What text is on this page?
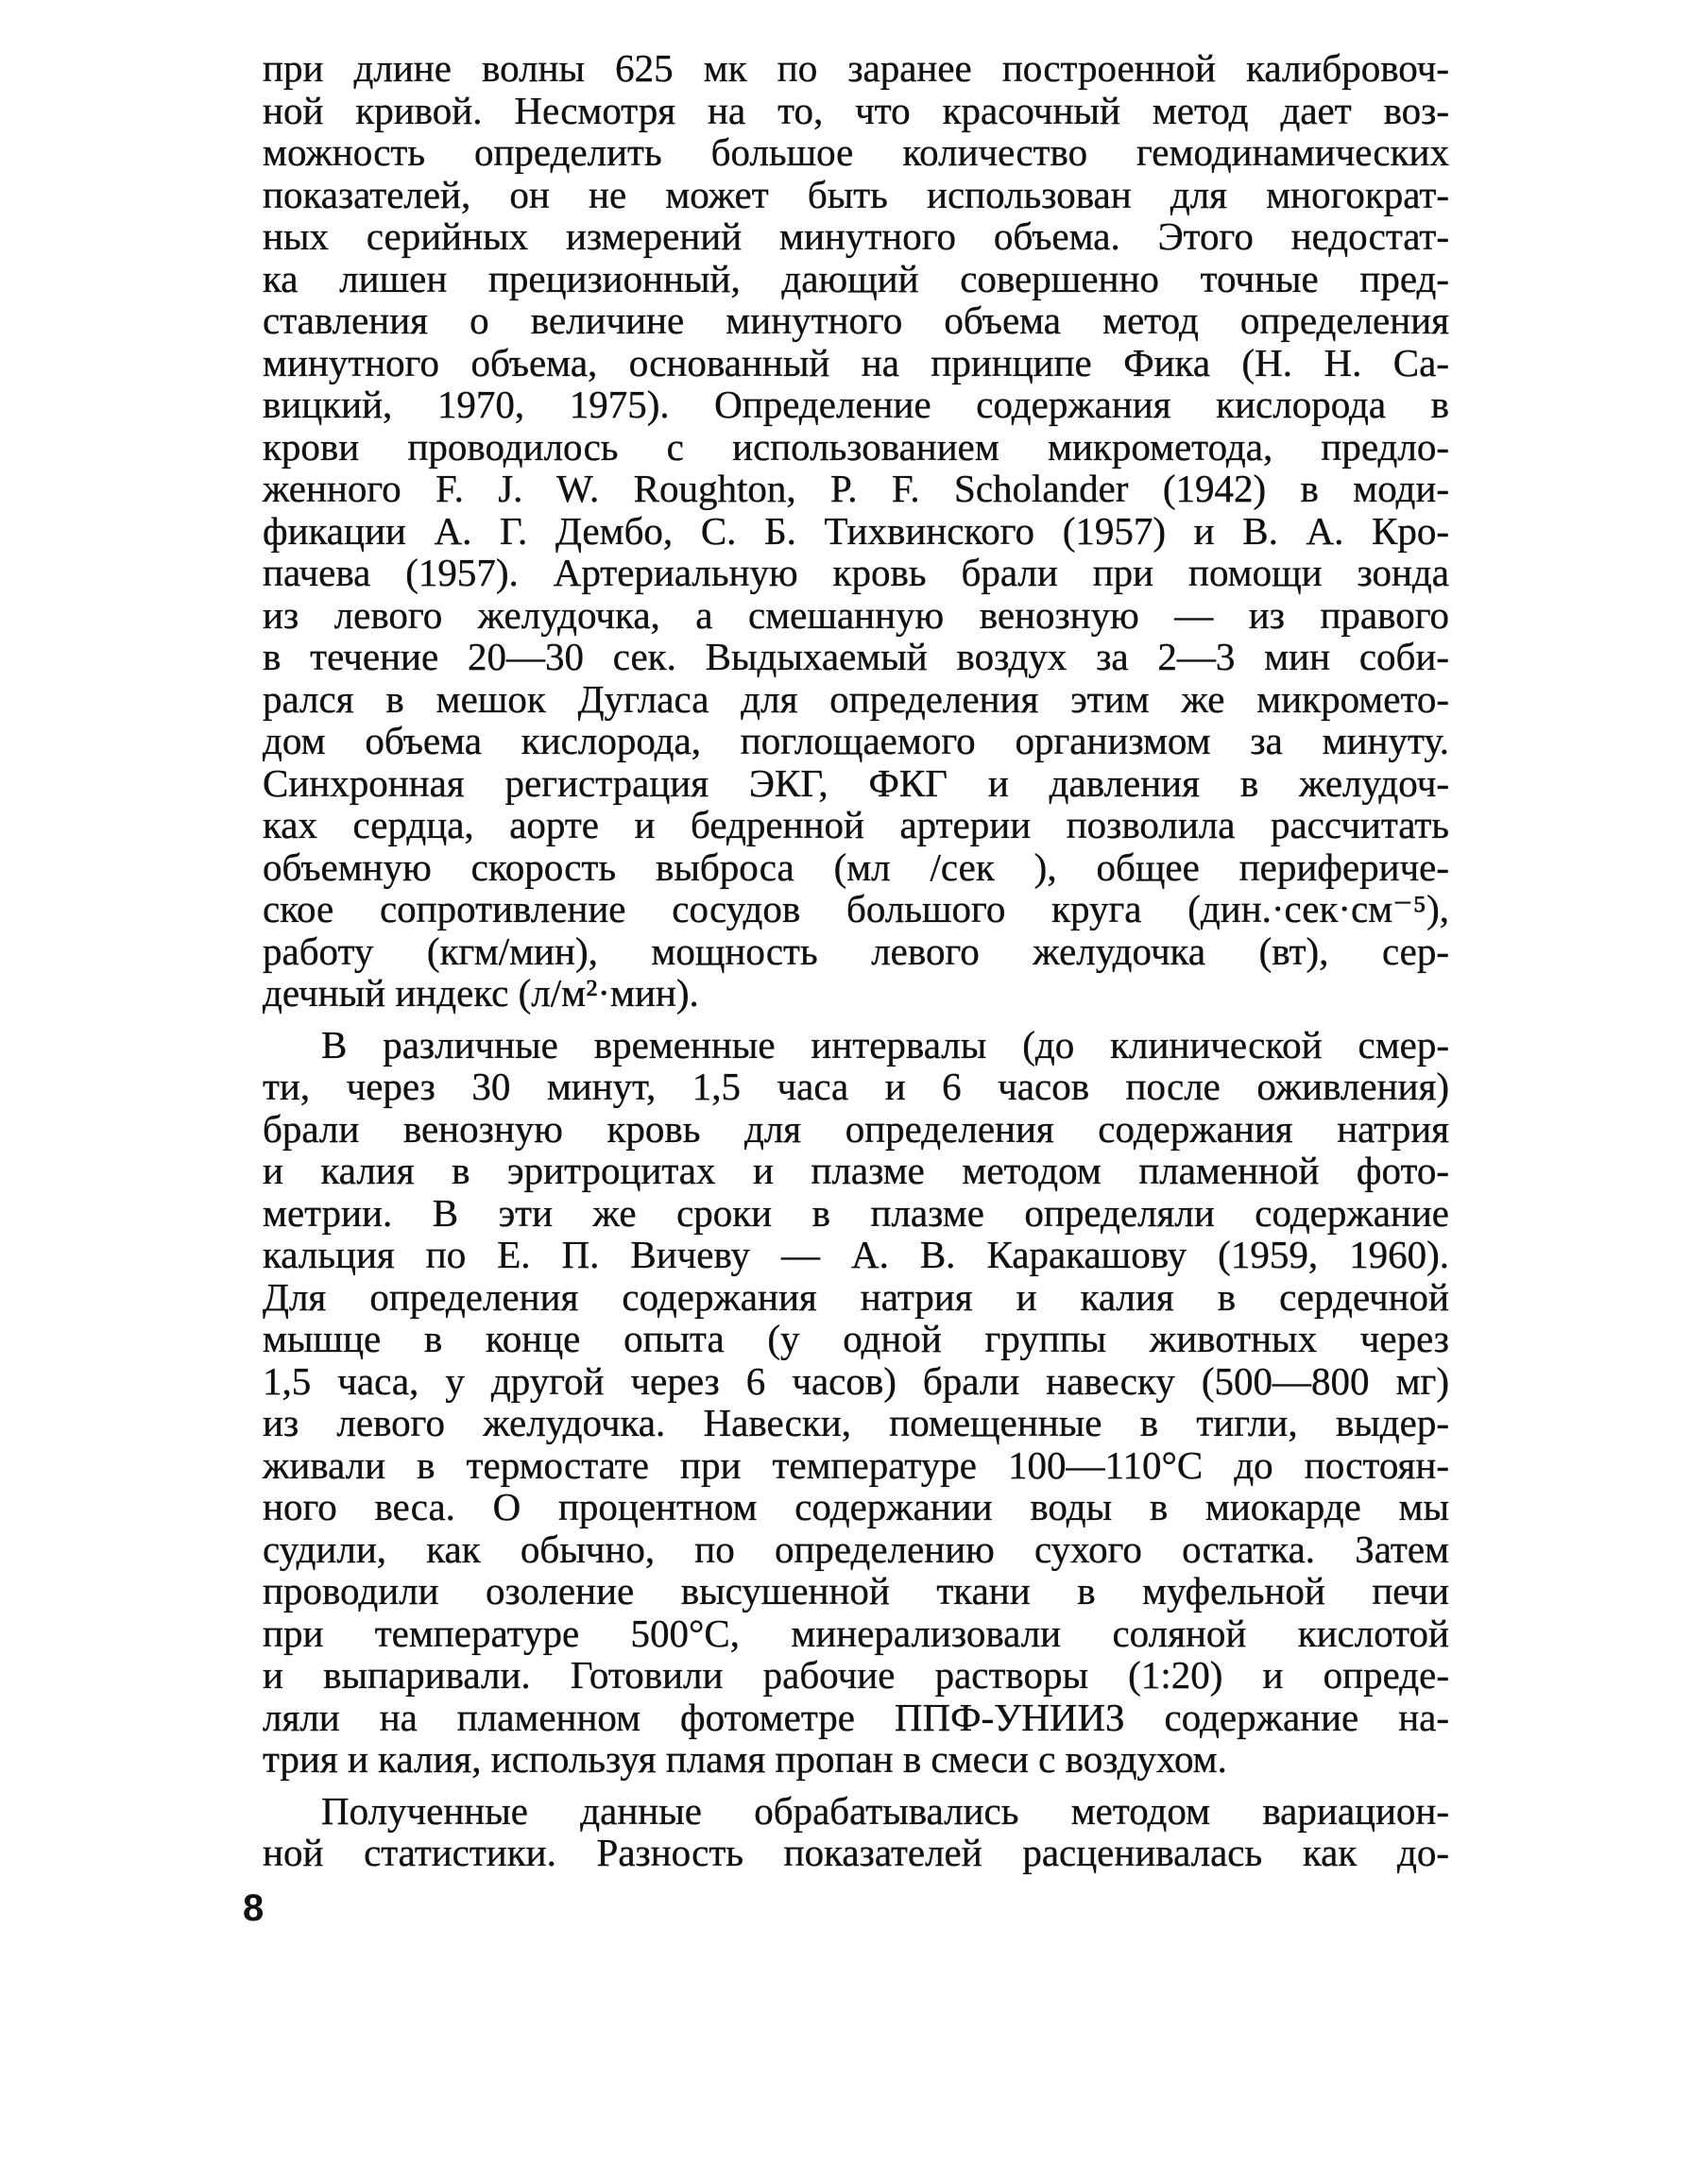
при длине волны 625 мк по заранее построенной калибровоч-
ной кривой. Несмотря на то, что красочный метод дает воз-
можность определить большое количество гемодинамических
показателей, он не может быть использован для многократ-
ных серийных измерений минутного объема. Этого недостат-
ка лишен прецизионный, дающий совершенно точные пред-
ставления о величине минутного объема метод определения
минутного объема, основанный на принципе Фика (Н. Н. Са-
вицкий, 1970, 1975). Определение содержания кислорода в
крови проводилось с использованием микрометода, предло-
женного F. J. W. Roughton, P. F. Scholander (1942) в моди-
фикации А. Г. Дембо, С. Б. Тихвинского (1957) и В. А. Кро-
пачева (1957). Артериальную кровь брали при помощи зонда
из левого желудочка, а смешанную венозную — из правого
в течение 20—30 сек. Выдыхаемый воздух за 2—3 мин соби-
рался в мешок Дугласа для определения этим же микромето-
дом объема кислорода, поглощаемого организмом за минуту.
Синхронная регистрация ЭКГ, ФКГ и давления в желудоч-
ках сердца, аорте и бедренной артерии позволила рассчитать
объемную скорость выброса (мл /сек ), общее перифериче-
ское сопротивление сосудов большого круга (дин.·сек·см⁻⁵),
работу (кгм/мин), мощность левого желудочка (вт), сер-
дечный индекс (л/м²·мин).
В различные временные интервалы (до клинической смер-
ти, через 30 минут, 1,5 часа и 6 часов после оживления)
брали венозную кровь для определения содержания натрия
и калия в эритроцитах и плазме методом пламенной фото-
метрии. В эти же сроки в плазме определяли содержание
кальция по Е. П. Вичеву — А. В. Каракашову (1959, 1960).
Для определения содержания натрия и калия в сердечной
мышце в конце опыта (у одной группы животных через
1,5 часа, у другой через 6 часов) брали навеску (500—800 мг)
из левого желудочка. Навески, помещенные в тигли, выдер-
живали в термостате при температуре 100—110°С до постоян-
ного веса. О процентном содержании воды в миокарде мы
судили, как обычно, по определению сухого остатка. Затем
проводили озоление высушенной ткани в муфельной печи
при температуре 500°С, минерализовали соляной кислотой
и выпаривали. Готовили рабочие растворы (1:20) и опреде-
ляли на пламенном фотометре ППФ-УНИИЗ содержание на-
трия и калия, используя пламя пропан в смеси с воздухом.
Полученные данные обрабатывались методом вариацион-
ной статистики. Разность показателей расценивалась как до-
8
